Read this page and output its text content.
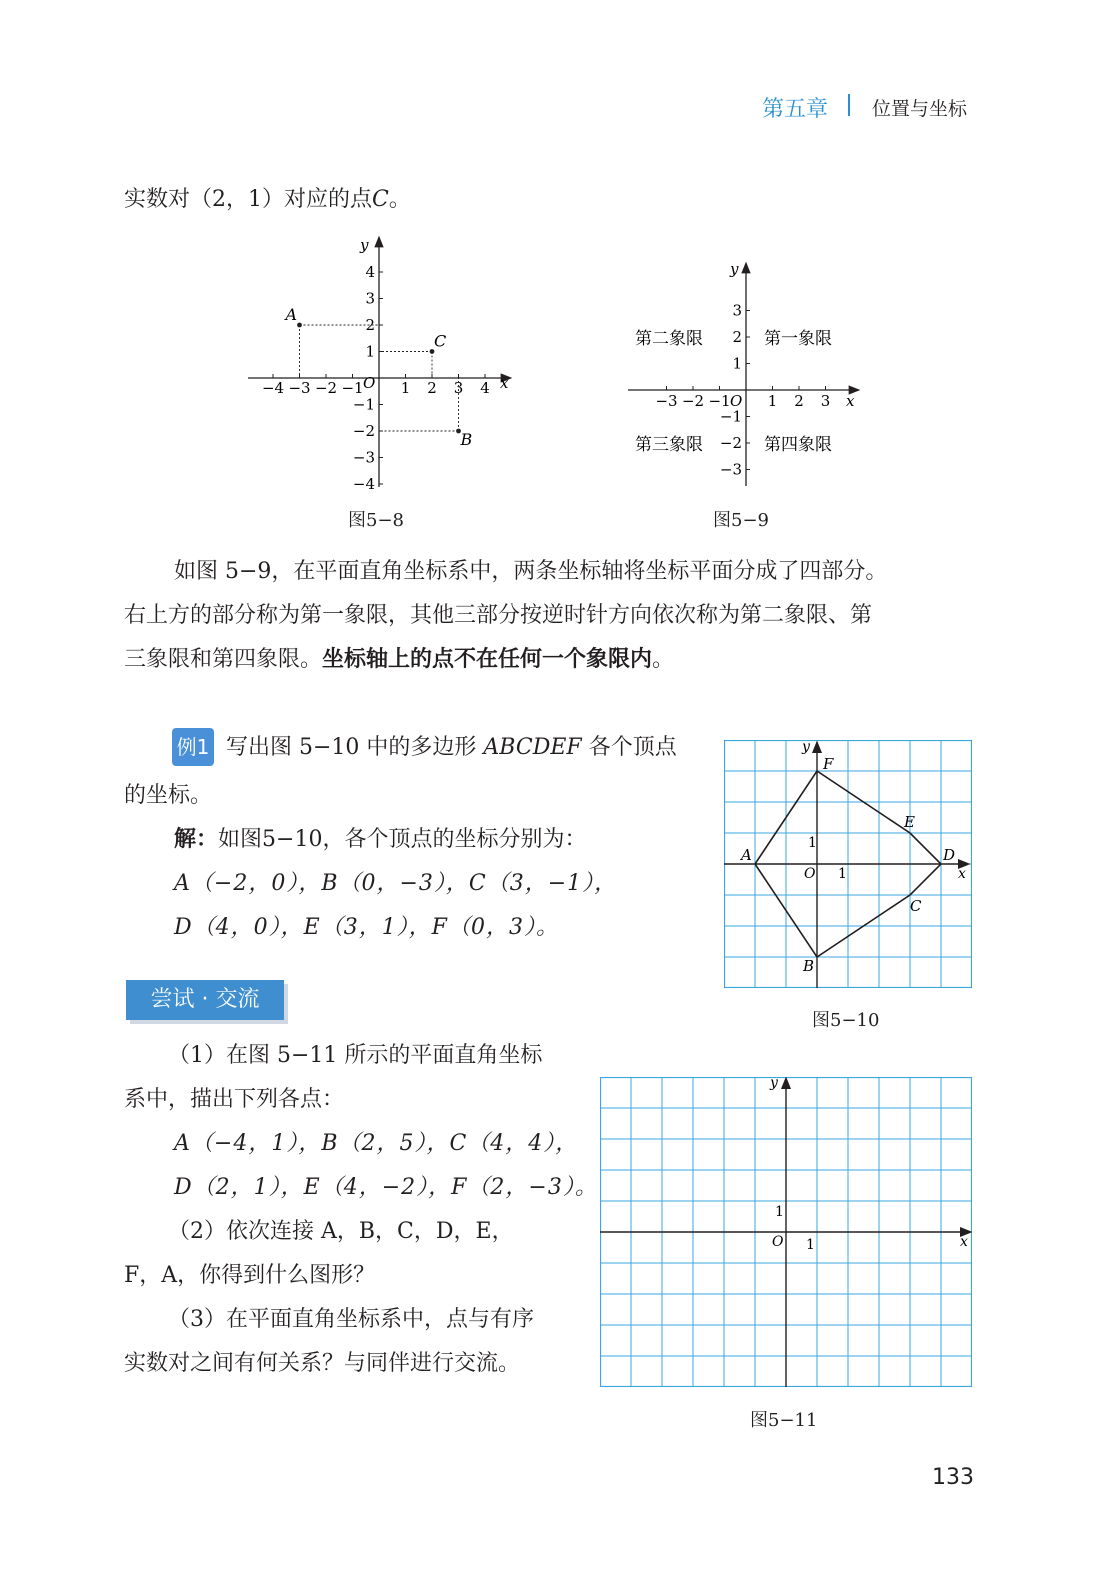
第五章 位置与坐标
实数对（2，1）对应的点C。
−4 −3 −2 −1 1 2 3 4
4
3
2
1
−1
−2
−3
−4
A
C
B
x
y
O
图5−8
−3 −2 −1 1 2 3
3
2
1
−1
−2
−3
第一象限
第二象限
第三象限	第四象限
x
y
O
图5−9
如图 5−9，在平面直角坐标系中，两条坐标轴将坐标平面分成了四部分。
右上方的部分称为第一象限，其他三部分按逆时针方向依次称为第二象限、第
三象限和第四象限。坐标轴上的点不在任何一个象限内。
例1 写出图 5−10 中的多边形 ABCDEF 各个顶点
的坐标。
解：如图5−10，各个顶点的坐标分别为：
A（−2，0），B（0，−3），C（3，−1），
D（4，0），E（3，1），F（0，3）。
A
B
C
D
E
F
O 1
1
x
y
图5−10
尝试 · 交流
（1）在图 5−11 所示的平面直角坐标
系中，描出下列各点：
A（−4，1），B（2，5），C（4，4），
D（2，1），E（4，−2），F（2，−3）。
（2）依次连接 A，B，C，D，E，
F，A，你得到什么图形？
（3）在平面直角坐标系中，点与有序
实数对之间有何关系？与同伴进行交流。
O 1
1
x
y
图5−11
133
